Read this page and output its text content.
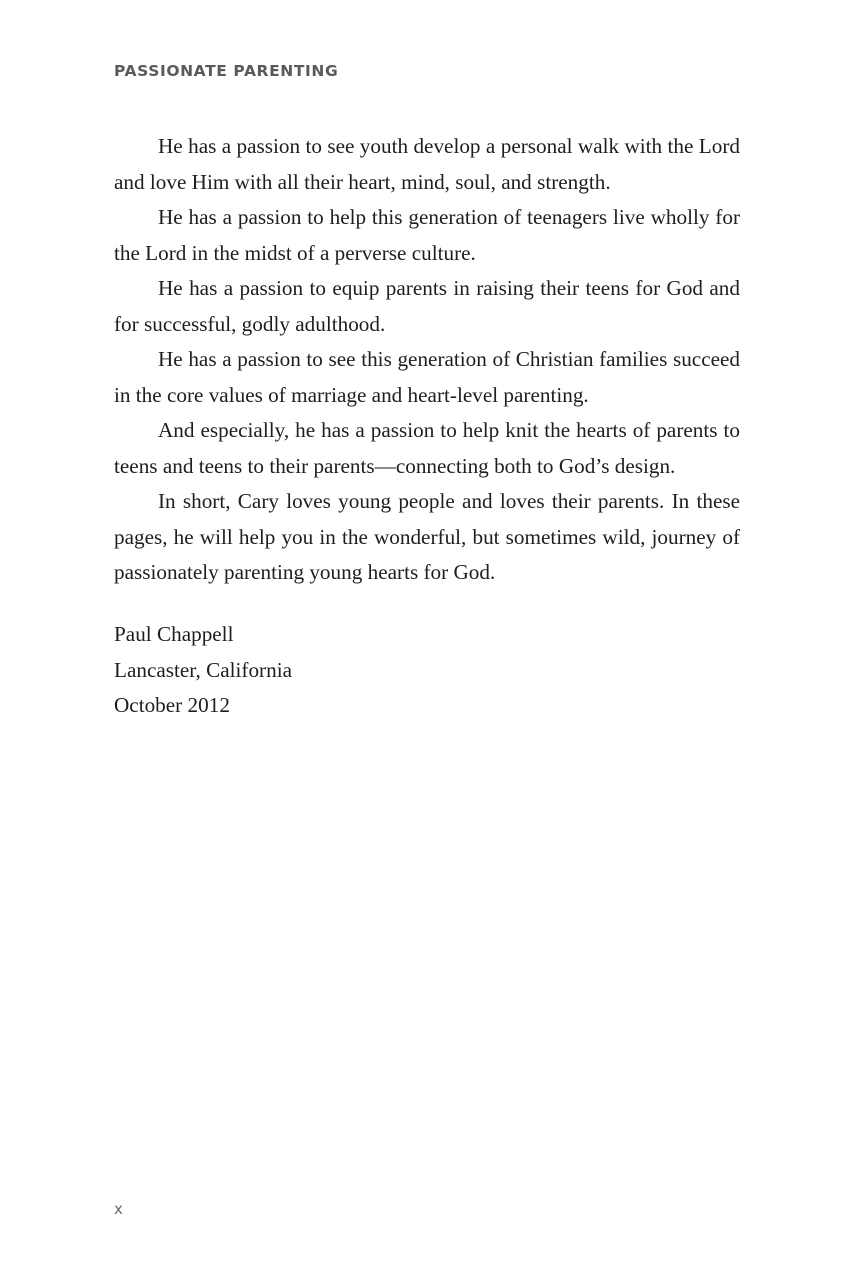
PASSIONATE PARENTING

He has a passion to see youth develop a personal walk with the Lord and love Him with all their heart, mind, soul, and strength.

He has a passion to help this generation of teenagers live wholly for the Lord in the midst of a perverse culture.

He has a passion to equip parents in raising their teens for God and for successful, godly adulthood.

He has a passion to see this generation of Christian families succeed in the core values of marriage and heart-level parenting.

And especially, he has a passion to help knit the hearts of parents to teens and teens to their parents—connecting both to God’s design.

In short, Cary loves young people and loves their parents. In these pages, he will help you in the wonderful, but sometimes wild, journey of passionately parenting young hearts for God.

Paul Chappell
Lancaster, California
October 2012
x
